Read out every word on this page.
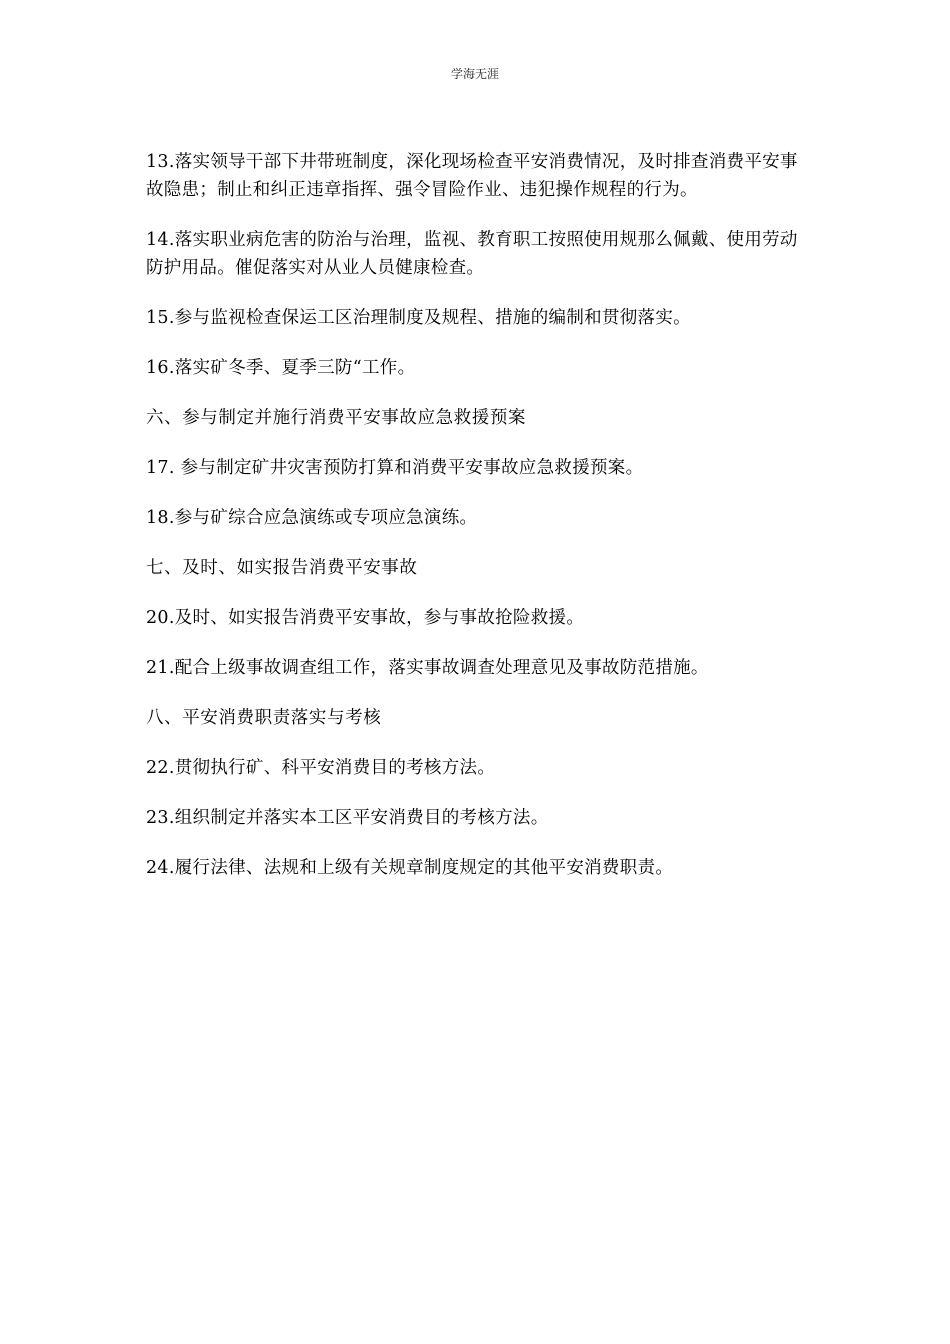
学海无涯

13.落实领导干部下井带班制度，深化现场检查平安消费情况，及时排查消费平安事故隐患；制止和纠正违章指挥、强令冒险作业、违犯操作规程的行为。

14.落实职业病危害的防治与治理，监视、教育职工按照使用规那么佩戴、使用劳动防护用品。催促落实对从业人员健康检查。

15.参与监视检查保运工区治理制度及规程、措施的编制和贯彻落实。

16.落实矿冬季、夏季三防“工作。

六、参与制定并施行消费平安事故应急救援预案

17. 参与制定矿井灾害预防打算和消费平安事故应急救援预案。

18.参与矿综合应急演练或专项应急演练。

七、及时、如实报告消费平安事故

20.及时、如实报告消费平安事故，参与事故抢险救援。

21.配合上级事故调查组工作，落实事故调查处理意见及事故防范措施。

八、平安消费职责落实与考核

22.贯彻执行矿、科平安消费目的考核方法。

23.组织制定并落实本工区平安消费目的考核方法。

24.履行法律、法规和上级有关规章制度规定的其他平安消费职责。
